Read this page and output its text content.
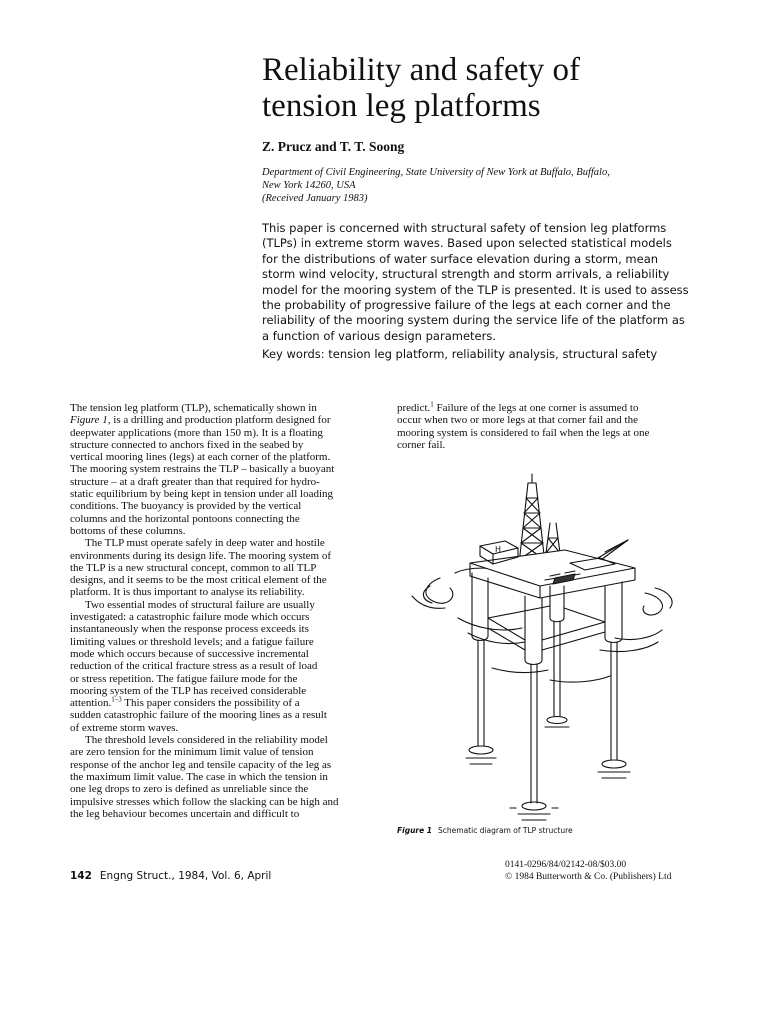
Reliability and safety of
tension leg platforms

Z. Prucz and T. T. Soong

Department of Civil Engineering, State University of New York at Buffalo, Buffalo,
New York 14260, USA
(Received January 1983)
This paper is concerned with structural safety of tension leg platforms
(TLPs) in extreme storm waves. Based upon selected statistical models
for the distributions of water surface elevation during a storm, mean
storm wind velocity, structural strength and storm arrivals, a reliability
model for the mooring system of the TLP is presented. It is used to assess
the probability of progressive failure of the legs at each corner and the
reliability of the mooring system during the service life of the platform as
a function of various design parameters.
Key words: tension leg platform, reliability analysis, structural safety
The tension leg platform (TLP), schematically shown in
Figure 1, is a drilling and production platform designed for
deepwater applications (more than 150 m). It is a floating
structure connected to anchors fixed in the seabed by
vertical mooring lines (legs) at each corner of the platform.
The mooring system restrains the TLP – basically a buoyant
structure – at a draft greater than that required for hydro-
static equilibrium by being kept in tension under all loading
conditions. The buoyancy is provided by the vertical
columns and the horizontal pontoons connecting the
bottoms of these columns.
The TLP must operate safely in deep water and hostile
environments during its design life. The mooring system of
the TLP is a new structural concept, common to all TLP
designs, and it seems to be the most critical element of the
platform. It is thus important to analyse its reliability.
Two essential modes of structural failure are usually
investigated: a catastrophic failure mode which occurs
instantaneously when the response process exceeds its
limiting values or threshold levels; and a fatigue failure
mode which occurs because of successive incremental
reduction of the critical fracture stress as a result of load
or stress repetition. The fatigue failure mode for the
mooring system of the TLP has received considerable
attention.$^{1-3}$ This paper considers the possibility of a
sudden catastrophic failure of the mooring lines as a result
of extreme storm waves.
The threshold levels considered in the reliability model
are zero tension for the minimum limit value of tension
response of the anchor leg and tensile capacity of the leg as
the maximum limit value. The case in which the tension in
one leg drops to zero is defined as unreliable since the
impulsive stresses which follow the slacking can be high and
the leg behaviour becomes uncertain and difficult to
predict.$^1$ Failure of the legs at one corner is assumed to
occur when two or more legs at that corner fail and the
mooring system is considered to fail when the legs at one
corner fail.
H
Figure 1 Schematic diagram of TLP structure
142 Engng Struct., 1984, Vol. 6, April
0141-0296/84/02142-08/$03.00
© 1984 Butterworth & Co. (Publishers) Ltd
